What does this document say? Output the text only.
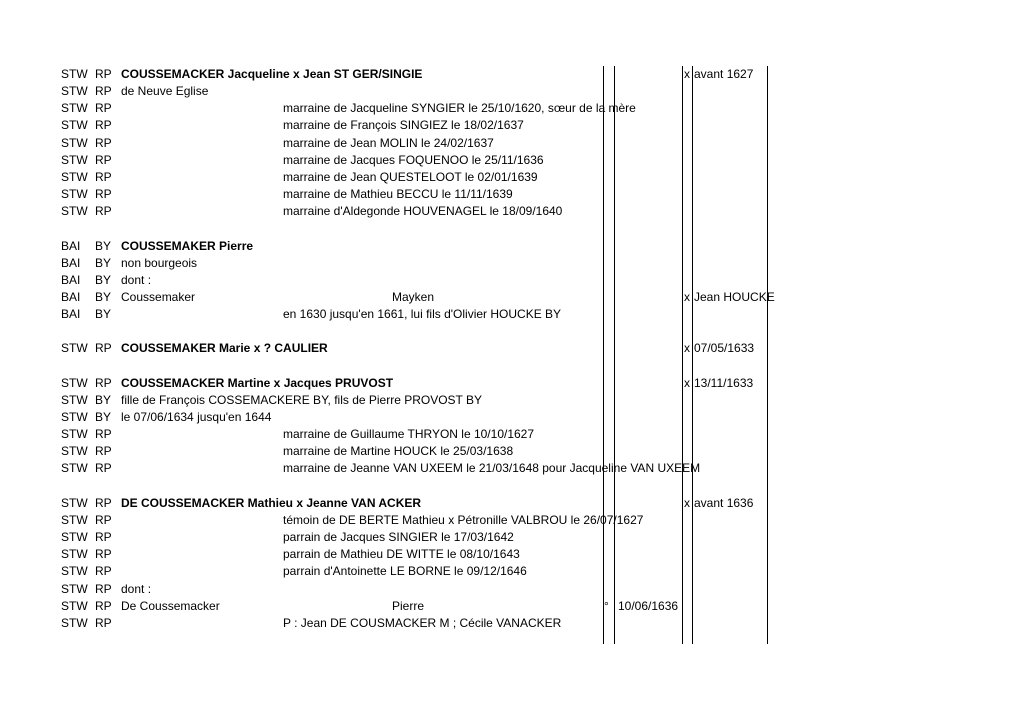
STW RP COUSSEMACKER Jacqueline x Jean ST GER/SINGIE	x avant 1627
STW RP de Neuve Eglise
STW RP	marraine de Jacqueline SYNGIER le 25/10/1620, sœur de la mère
STW RP	marraine de François SINGIEZ le 18/02/1637
STW RP	marraine de Jean MOLIN le 24/02/1637
STW RP	marraine de Jacques FOQUENOO le 25/11/1636
STW RP	marraine de Jean QUESTELOOT le 02/01/1639
STW RP	marraine de Mathieu BECCU le 11/11/1639
STW RP	marraine d'Aldegonde HOUVENAGEL le 18/09/1640
BAI BY COUSSEMAKER Pierre
BAI BY non bourgeois
BAI BY dont :
BAI BY Coussemaker	Mayken	x Jean HOUCKE
BAI BY	en 1630 jusqu'en 1661, lui fils d'Olivier HOUCKE BY
STW RP COUSSEMAKER Marie x ? CAULIER	x 07/05/1633
STW RP COUSSEMACKER Martine x Jacques PRUVOST	x 13/11/1633
STW BY fille de François COSSEMACKERE BY, fils de Pierre PROVOST BY
STW BY le 07/06/1634 jusqu'en 1644
STW RP	marraine de Guillaume THRYON le 10/10/1627
STW RP	marraine de Martine HOUCK le 25/03/1638
STW RP	marraine de Jeanne VAN UXEEM le 21/03/1648 pour Jacqueline VAN UXEEM
STW RP DE COUSSEMACKER Mathieu x Jeanne VAN ACKER	x avant 1636
STW RP	témoin de DE BERTE Mathieu x Pétronille VALBROU le 26/07/1627
STW RP	parrain de Jacques SINGIER le 17/03/1642
STW RP	parrain de Mathieu DE WITTE le 08/10/1643
STW RP	parrain d'Antoinette LE BORNE le 09/12/1646
STW RP dont :
STW RP De Coussemacker	Pierre	° 10/06/1636
STW RP	P : Jean DE COUSMACKER M ; Cécile VANACKER
